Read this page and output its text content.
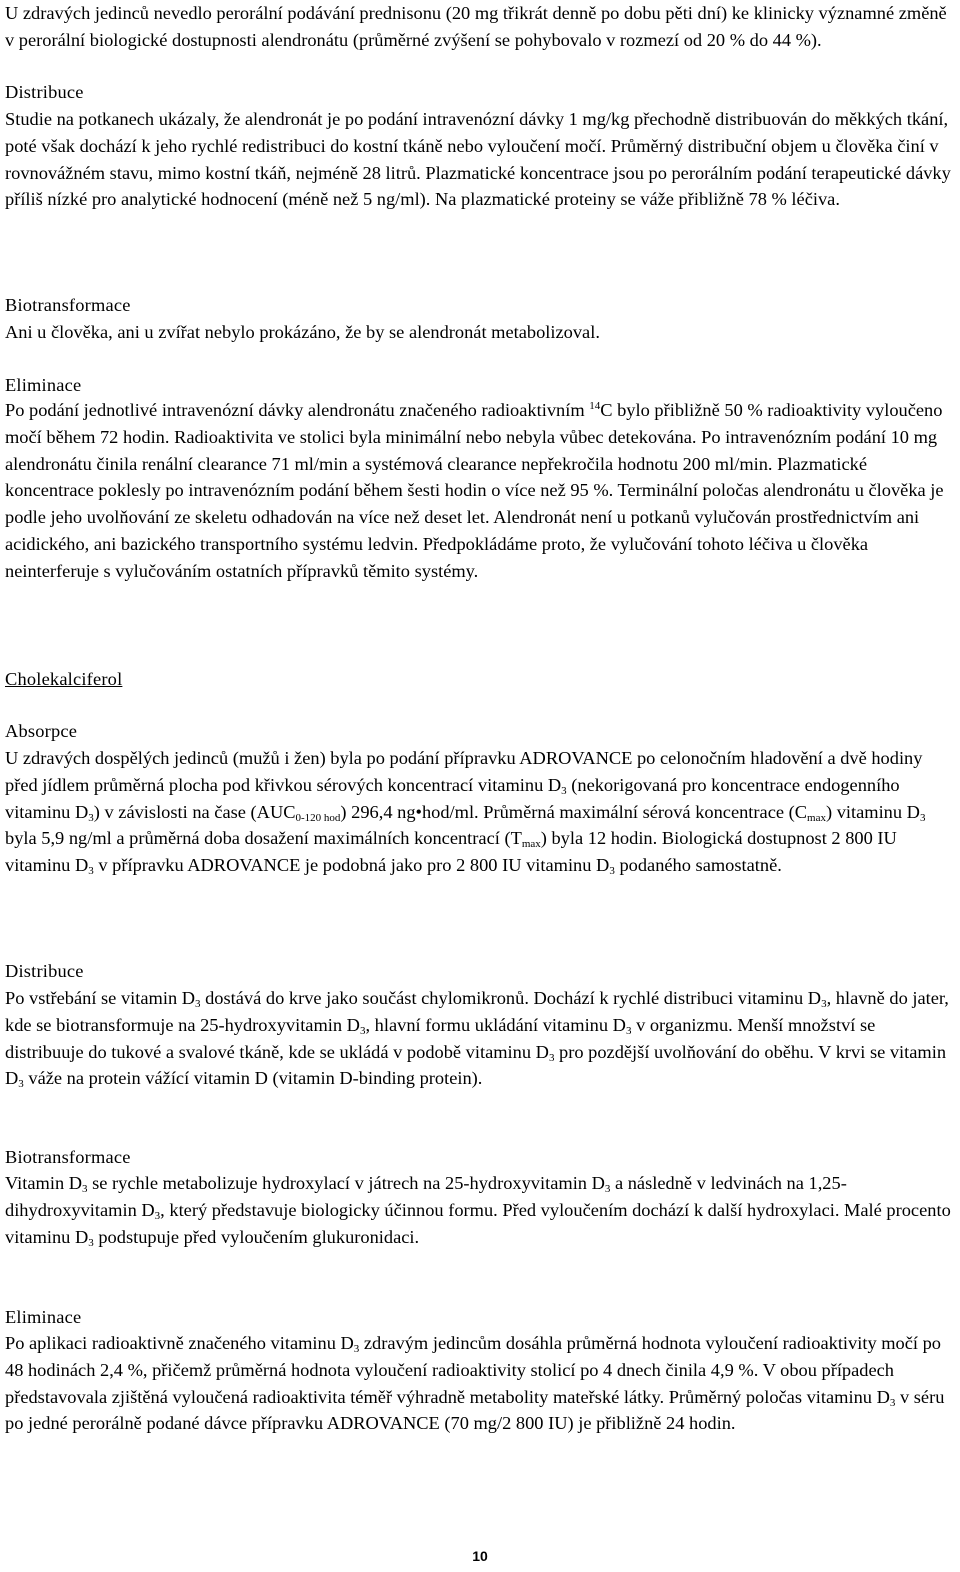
U zdravých jedinců nevedlo perorální podávání prednisonu (20 mg třikrát denně po dobu pěti dní) ke klinicky významné změně v perorální biologické dostupnosti alendronátu (průměrné zvýšení se pohybovalo v rozmezí od 20 % do 44 %).

Distribuce

Studie na potkanech ukázaly, že alendronát je po podání intravenózní dávky 1 mg/kg přechodně distribuován do měkkých tkání, poté však dochází k jeho rychlé redistribuci do kostní tkáně nebo vyloučení močí. Průměrný distribuční objem u člověka činí v rovnovážném stavu, mimo kostní tkáň, nejméně 28 litrů. Plazmatické koncentrace jsou po perorálním podání terapeutické dávky příliš nízké pro analytické hodnocení (méně než 5 ng/ml). Na plazmatické proteiny se váže přibližně 78 % léčiva.

Biotransformace

Ani u člověka, ani u zvířat nebylo prokázáno, že by se alendronát metabolizoval.

Eliminace

Po podání jednotlivé intravenózní dávky alendronátu značeného radioaktivním $^{14}$C bylo přibližně 50 % radioaktivity vyloučeno močí během 72 hodin. Radioaktivita ve stolici byla minimální nebo nebyla vůbec detekována. Po intravenózním podání 10 mg alendronátu činila renální clearance 71 ml/min a systémová clearance nepřekročila hodnotu 200 ml/min. Plazmatické koncentrace poklesly po intravenózním podání během šesti hodin o více než 95 %. Terminální poločas alendronátu u člověka je podle jeho uvolňování ze skeletu odhadován na více než deset let. Alendronát není u potkanů vylučován prostřednictvím ani acidického, ani bazického transportního systému ledvin. Předpokládáme proto, že vylučování tohoto léčiva u člověka neinterferuje s vylučováním ostatních přípravků těmito systémy.

Cholekalciferol
Absorpce

U zdravých dospělých jedinců (mužů i žen) byla po podání přípravku ADROVANCE po celonočním hladovění a dvě hodiny před jídlem průměrná plocha pod křivkou sérových koncentrací vitaminu $D_3$ (nekorigovaná pro koncentrace endogenního vitaminu $D_3$) v závislosti na čase $(AUC_{0-120 hod})$ 296,4 ng•hod/ml. Průměrná maximální sérová koncentrace $(C_{max})$ vitaminu $D_3$ byla 5,9 ng/ml a průměrná doba dosažení maximálních koncentrací $(T_{max})$ byla 12 hodin. Biologická dostupnost 2 800 IU vitaminu $D_3$ v přípravku ADROVANCE je podobná jako pro 2 800 IU vitaminu $D_3$ podaného samostatně.

Distribuce

Po vstřebání se vitamin $D_3$ dostává do krve jako součást chylomikronů. Dochází k rychlé distribuci vitaminu $D_3$, hlavně do jater, kde se biotransformuje na 25-hydroxyvitamin $D_3$, hlavní formu ukládání vitaminu $D_3$ v organizmu. Menší množství se distribuuje do tukové a svalové tkáně, kde se ukládá v podobě vitaminu $D_3$ pro pozdější uvolňování do oběhu. V krvi se vitamin $D_3$ váže na protein vážící vitamin D (vitamin D-binding protein).

Biotransformace

Vitamin $D_3$ se rychle metabolizuje hydroxylací v játrech na 25-hydroxyvitamin $D_3$ a následně v ledvinách na 1,25-dihydroxyvitamin $D_3$, který představuje biologicky účinnou formu. Před vyloučením dochází k další hydroxylaci. Malé procento vitaminu $D_3$ podstupuje před vyloučením glukuronidaci.

Eliminace

Po aplikaci radioaktivně značeného vitaminu $D_3$ zdravým jedincům dosáhla průměrná hodnota vyloučení radioaktivity močí po 48 hodinách 2,4 %, přičemž průměrná hodnota vyloučení radioaktivity stolicí po 4 dnech činila 4,9 %. V obou případech představovala zjištěná vyloučená radioaktivita téměř výhradně metabolity mateřské látky. Průměrný poločas vitaminu $D_3$ v séru po jedné perorálně podané dávce přípravku ADROVANCE (70 mg/2 800 IU) je přibližně 24 hodin.

10
